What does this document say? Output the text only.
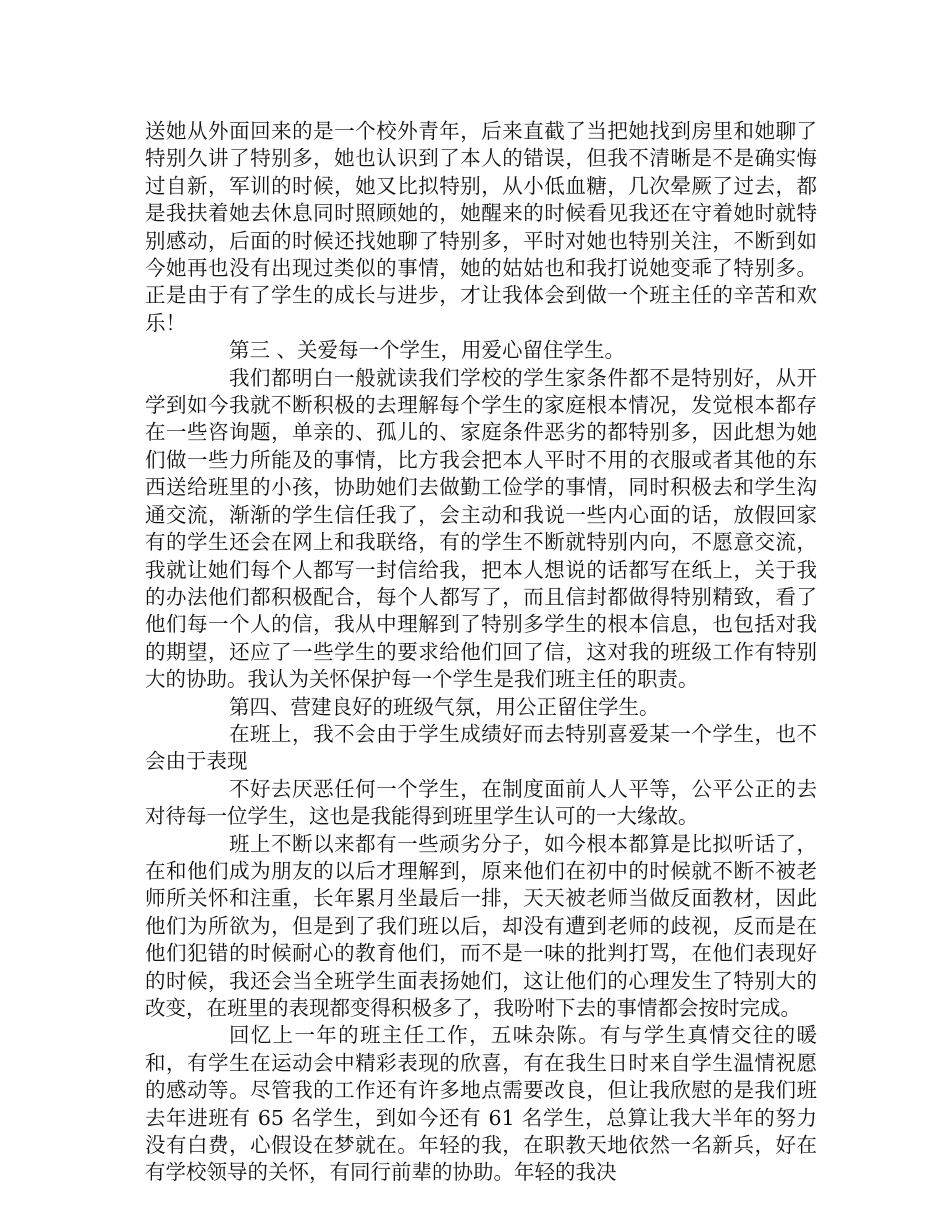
送她从外面回来的是一个校外青年，后来直截了当把她找到房里和她聊了特别久讲了特别多，她也认识到了本人的错误，但我不清晰是不是确实悔过自新，军训的时候，她又比拟特别，从小低血糖，几次晕厥了过去，都是我扶着她去休息同时照顾她的，她醒来的时候看见我还在守着她时就特别感动，后面的时候还找她聊了特别多，平时对她也特别关注，不断到如今她再也没有出现过类似的事情，她的姑姑也和我打说她变乖了特别多。正是由于有了学生的成长与进步，才让我体会到做一个班主任的辛苦和欢乐！

第三 、关爱每一个学生，用爱心留住学生。

我们都明白一般就读我们学校的学生家条件都不是特别好，从开学到如今我就不断积极的去理解每个学生的家庭根本情况，发觉根本都存在一些咨询题，单亲的、孤儿的、家庭条件恶劣的都特别多，因此想为她们做一些力所能及的事情，比方我会把本人平时不用的衣服或者其他的东西送给班里的小孩，协助她们去做勤工俭学的事情，同时积极去和学生沟通交流，渐渐的学生信任我了，会主动和我说一些内心面的话，放假回家有的学生还会在网上和我联络，有的学生不断就特别内向，不愿意交流，我就让她们每个人都写一封信给我，把本人想说的话都写在纸上，关于我的办法他们都积极配合，每个人都写了，而且信封都做得特别精致，看了他们每一个人的信，我从中理解到了特别多学生的根本信息，也包括对我的期望，还应了一些学生的要求给他们回了信，这对我的班级工作有特别大的协助。我认为关怀保护每一个学生是我们班主任的职责。

第四、营建良好的班级气氛，用公正留住学生。

在班上，我不会由于学生成绩好而去特别喜爱某一个学生，也不会由于表现

不好去厌恶任何一个学生，在制度面前人人平等，公平公正的去对待每一位学生，这也是我能得到班里学生认可的一大缘故。

班上不断以来都有一些顽劣分子，如今根本都算是比拟听话了，在和他们成为朋友的以后才理解到，原来他们在初中的时候就不断不被老师所关怀和注重，长年累月坐最后一排，天天被老师当做反面教材，因此他们为所欲为，但是到了我们班以后，却没有遭到老师的歧视，反而是在他们犯错的时候耐心的教育他们，而不是一味的批判打骂，在他们表现好的时候，我还会当全班学生面表扬她们，这让他们的心理发生了特别大的改变，在班里的表现都变得积极多了，我吩咐下去的事情都会按时完成。

回忆上一年的班主任工作，五味杂陈。有与学生真情交往的暖和，有学生在运动会中精彩表现的欣喜，有在我生日时来自学生温情祝愿的感动等。尽管我的工作还有许多地点需要改良，但让我欣慰的是我们班去年进班有 65 名学生，到如今还有 61 名学生，总算让我大半年的努力没有白费，心假设在梦就在。年轻的我，在职教天地依然一名新兵，好在有学校领导的关怀，有同行前辈的协助。年轻的我决
